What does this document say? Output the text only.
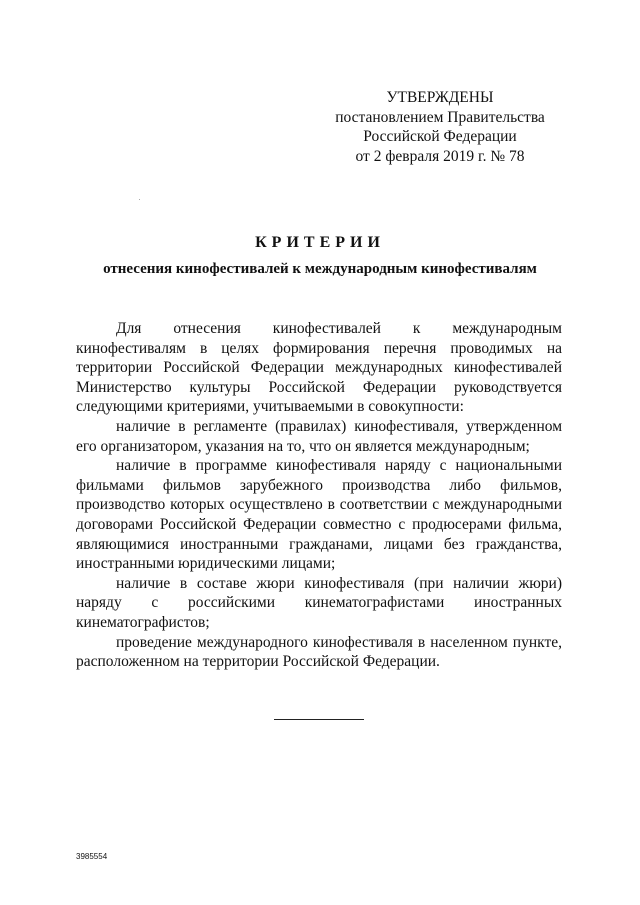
УТВЕРЖДЕНЫ
постановлением Правительства
Российской Федерации
от 2 февраля 2019 г. № 78
КРИТЕРИИ
отнесения кинофестивалей к международным кинофестивалям

Для отнесения кинофестивалей к международным кинофестивалям в целях формирования перечня проводимых на территории Российской Федерации международных кинофестивалей Министерство культуры Российской Федерации руководствуется следующими критериями, учитываемыми в совокупности:

наличие в регламенте (правилах) кинофестиваля, утвержденном его организатором, указания на то, что он является международным;

наличие в программе кинофестиваля наряду с национальными фильмами фильмов зарубежного производства либо фильмов, производство которых осуществлено в соответствии с международными договорами Российской Федерации совместно с продюсерами фильма, являющимися иностранными гражданами, лицами без гражданства, иностранными юридическими лицами;

наличие в составе жюри кинофестиваля (при наличии жюри) наряду с российскими кинематографистами иностранных кинематографистов;

проведение международного кинофестиваля в населенном пункте, расположенном на территории Российской Федерации.

3985554
